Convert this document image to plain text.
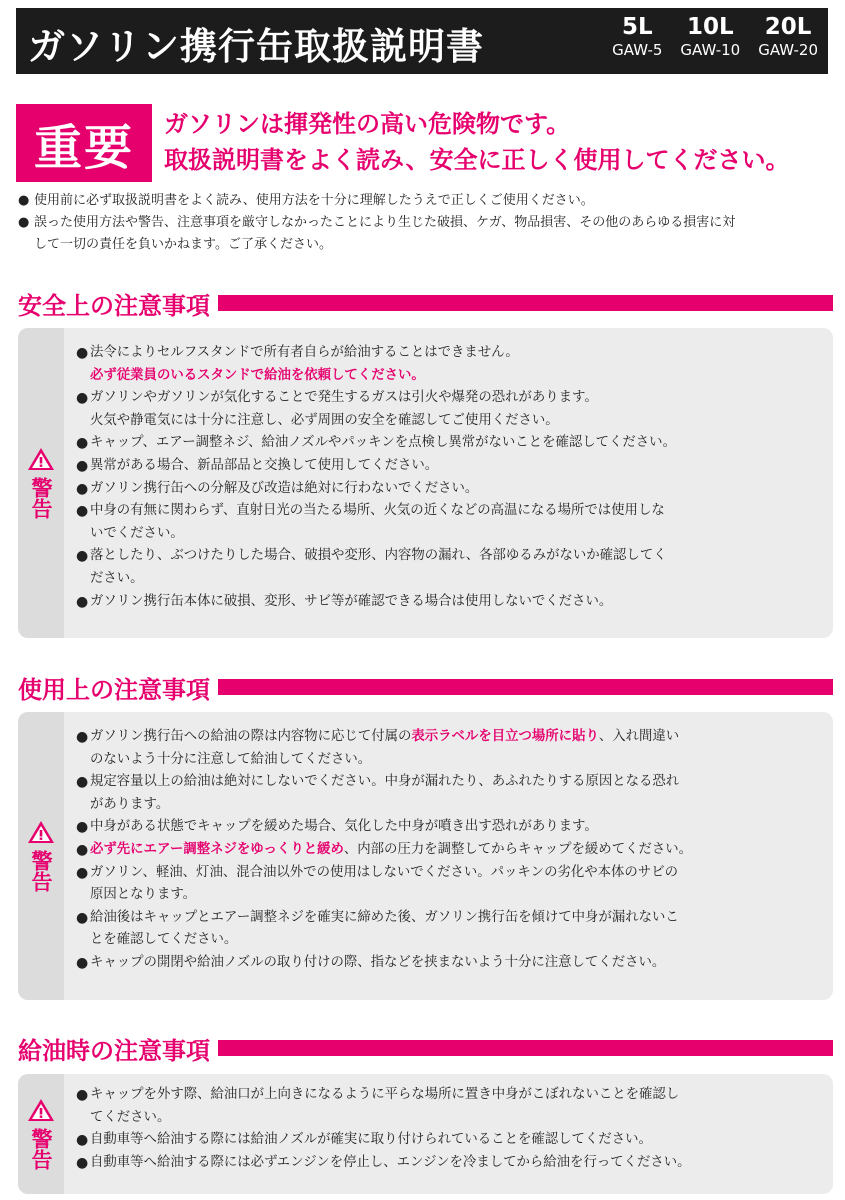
ガソリン携行缶取扱説明書	5L
GAW-5
10L
GAW-10
20L
GAW-20
重要	ガソリンは揮発性の高い危険物です。
取扱説明書をよく読み、安全に正しく使用してください。
● 使用前に必ず取扱説明書をよく読み、使用方法を十分に理解したうえで正しくご使用ください。
● 誤った使用方法や警告、注意事項を厳守しなかったことにより生じた破損、ケガ、物品損害、その他のあらゆる損害に対
して一切の責任を負いかねます。ご了承ください。
安全上の注意事項
警告
● 法令によりセルフスタンドで所有者自らが給油することはできません。
必ず従業員のいるスタンドで給油を依頼してください。
● ガソリンやガソリンが気化することで発生するガスは引火や爆発の恐れがあります。
火気や静電気には十分に注意し、必ず周囲の安全を確認してご使用ください。
● キャップ、エアー調整ネジ、給油ノズルやパッキンを点検し異常がないことを確認してください。
● 異常がある場合、新品部品と交換して使用してください。
● ガソリン携行缶への分解及び改造は絶対に行わないでください。
● 中身の有無に関わらず、直射日光の当たる場所、火気の近くなどの高温になる場所では使用しな
いでください。
● 落としたり、ぶつけたりした場合、破損や変形、内容物の漏れ、各部ゆるみがないか確認してく
ださい。
● ガソリン携行缶本体に破損、変形、サビ等が確認できる場合は使用しないでください。
使用上の注意事項
警告
● ガソリン携行缶への給油の際は内容物に応じて付属の表示ラベルを目立つ場所に貼り、入れ間違い
のないよう十分に注意して給油してください。
● 規定容量以上の給油は絶対にしないでください。中身が漏れたり、あふれたりする原因となる恐れ
があります。
● 中身がある状態でキャップを緩めた場合、気化した中身が噴き出す恐れがあります。
● 必ず先にエアー調整ネジをゆっくりと緩め、内部の圧力を調整してからキャップを緩めてください。
● ガソリン、軽油、灯油、混合油以外での使用はしないでください。パッキンの劣化や本体のサビの
原因となります。
● 給油後はキャップとエアー調整ネジを確実に締めた後、ガソリン携行缶を傾けて中身が漏れないこ
とを確認してください。
● キャップの開閉や給油ノズルの取り付けの際、指などを挟まないよう十分に注意してください。
給油時の注意事項
警告
● キャップを外す際、給油口が上向きになるように平らな場所に置き中身がこぼれないことを確認し
てください。
● 自動車等へ給油する際には給油ノズルが確実に取り付けられていることを確認してください。
● 自動車等へ給油する際には必ずエンジンを停止し、エンジンを冷ましてから給油を行ってください。
